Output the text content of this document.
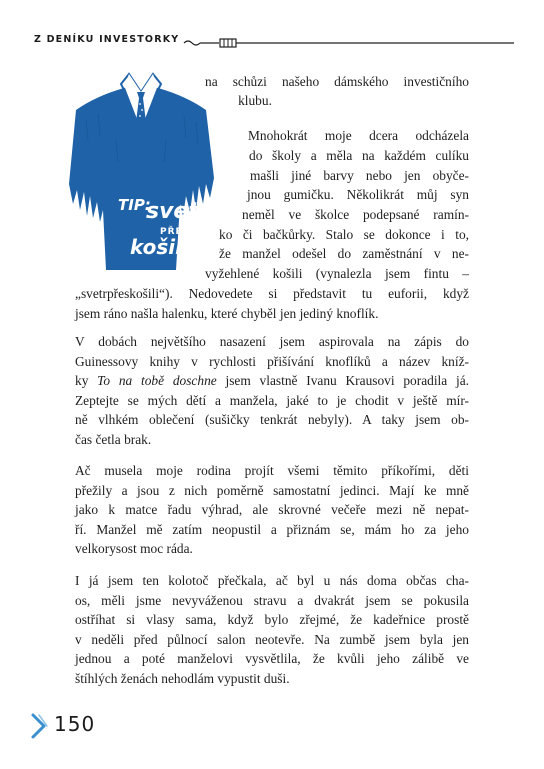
Z DENÍKU INVESTORKY
TIP:
svetr
PŘES
košili
na schůzi našeho dámského investičního
klubu.
Mnohokrát moje dcera odcházela
do školy a měla na každém culíku
mašli jiné barvy nebo jen obyče-
jnou gumičku. Několikrát můj syn
neměl ve školce podepsané ramín-
ko či bačkůrky. Stalo se dokonce i to,
že manžel odešel do zaměstnání v ne-
vyžehlené košili (vynalezla jsem fintu –
„svetrpřeskošili“). Nedovedete si představit tu euforii, když
jsem ráno našla halenku, které chyběl jen jediný knoflík.
V dobách největšího nasazení jsem aspirovala na zápis do
Guinessovy knihy v rychlosti přišívání knoflíků a název kníž-
ky To na tobě doschne jsem vlastně Ivanu Krausovi poradila já.
Zeptejte se mých dětí a manžela, jaké to je chodit v ještě mír-
ně vlhkém oblečení (sušičky tenkrát nebyly). A taky jsem ob-
čas četla brak.
Ač musela moje rodina projít všemi těmito příkořími, děti
přežily a jsou z nich poměrně samostatní jedinci. Mají ke mně
jako k matce řadu výhrad, ale skrovné večeře mezi ně nepat-
ří. Manžel mě zatím neopustil a přiznám se, mám ho za jeho
velkorysost moc ráda.
I já jsem ten kolotoč přečkala, ač byl u nás doma občas cha-
os, měli jsme nevyváženou stravu a dvakrát jsem se pokusila
ostříhat si vlasy sama, když bylo zřejmé, že kadeřnice prostě
v neděli před půlnocí salon neotevře. Na zumbě jsem byla jen
jednou a poté manželovi vysvětlila, že kvůli jeho zálibě ve
štíhlých ženách nehodlám vypustit duši.
150
